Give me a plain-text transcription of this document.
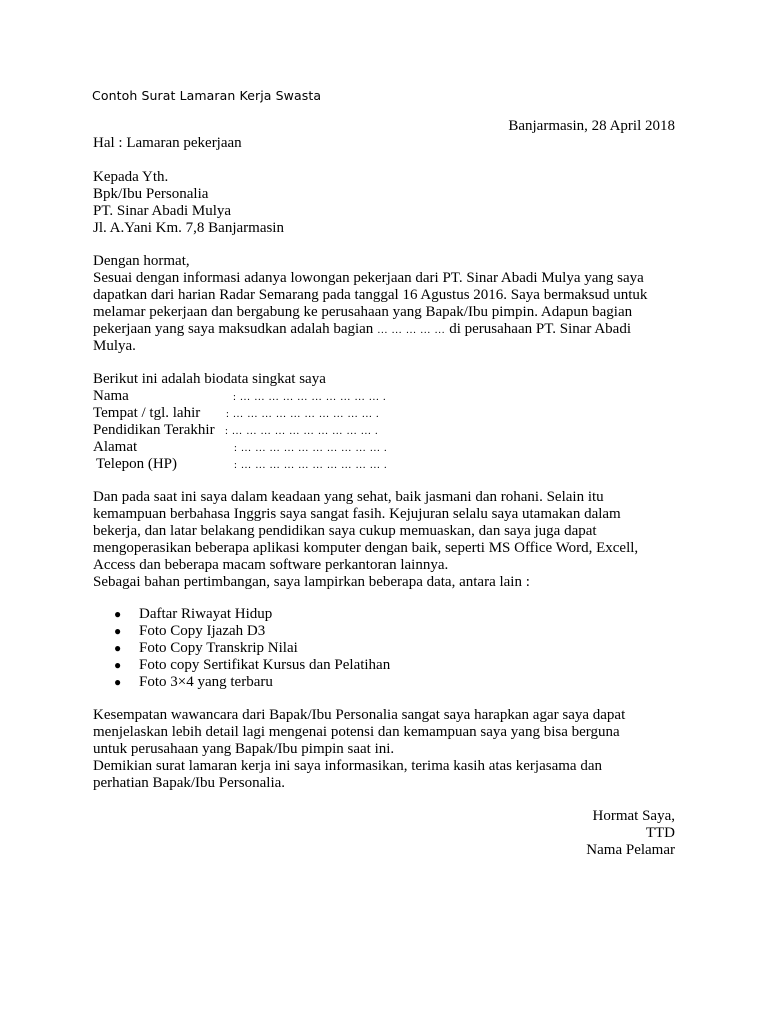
Contoh Surat Lamaran Kerja Swasta
Banjarmasin, 28 April 2018
Hal : Lamaran pekerjaan
Kepada Yth.
Bpk/Ibu Personalia
PT. Sinar Abadi Mulya
Jl. A.Yani Km. 7,8 Banjarmasin
Dengan hormat,
Sesuai dengan informasi adanya lowongan pekerjaan dari PT. Sinar Abadi Mulya yang saya
dapatkan dari harian Radar Semarang pada tanggal 16 Agustus 2016. Saya bermaksud untuk
melamar pekerjaan dan bergabung ke perusahaan yang Bapak/Ibu pimpin. Adapun bagian
pekerjaan yang saya maksudkan adalah bagian … … … … … di perusahaan PT. Sinar Abadi
Mulya.
Berikut ini adalah biodata singkat saya
Nama	: … … … … … … … … … … .
Tempat / tgl. lahir : … … … … … … … … … … .
Pendidikan Terakhir : … … … … … … … … … … .
Alamat	: … … … … … … … … … … .
Telepon (HP)	: … … … … … … … … … … .
Dan pada saat ini saya dalam keadaan yang sehat, baik jasmani dan rohani. Selain itu
kemampuan berbahasa Inggris saya sangat fasih. Kejujuran selalu saya utamakan dalam
bekerja, dan latar belakang pendidikan saya cukup memuaskan, dan saya juga dapat
mengoperasikan beberapa aplikasi komputer dengan baik, seperti MS Office Word, Excell,
Access dan beberapa macam software perkantoran lainnya.
Sebagai bahan pertimbangan, saya lampirkan beberapa data, antara lain :
● Daftar Riwayat Hidup
● Foto Copy Ijazah D3
● Foto Copy Transkrip Nilai
● Foto copy Sertifikat Kursus dan Pelatihan
● Foto 3×4 yang terbaru
Kesempatan wawancara dari Bapak/Ibu Personalia sangat saya harapkan agar saya dapat
menjelaskan lebih detail lagi mengenai potensi dan kemampuan saya yang bisa berguna
untuk perusahaan yang Bapak/Ibu pimpin saat ini.
Demikian surat lamaran kerja ini saya informasikan, terima kasih atas kerjasama dan
perhatian Bapak/Ibu Personalia.
Hormat Saya,
TTD
Nama Pelamar
